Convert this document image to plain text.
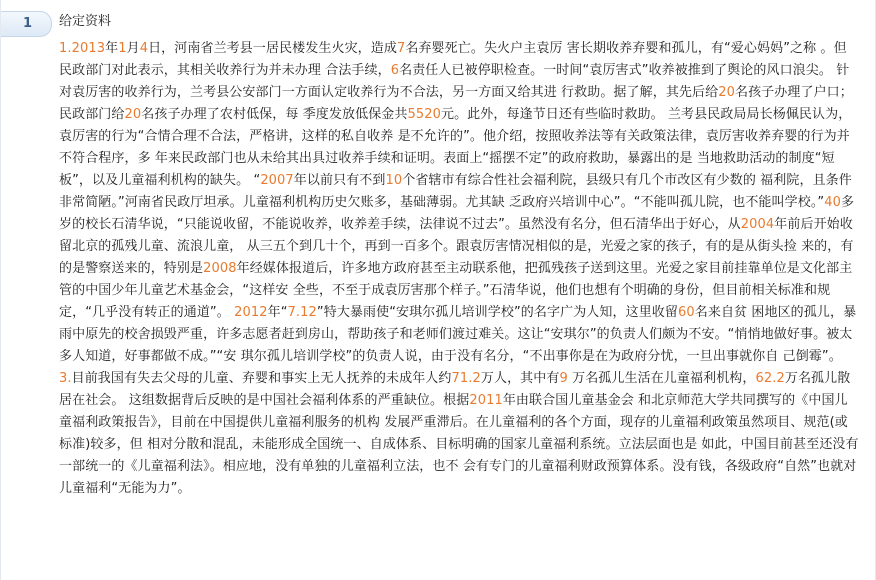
1 给定资料

1.2013年1月4日，河南省兰考县一居民楼发生火灾，造成7名弃婴死亡。失火户主袁厉 害长期收养弃婴和孤儿，有“爱心妈妈”之称 。但民政部门对此表示，其相关收养行为并未办理 合法手续，6名责任人已被停职检查。一时间“袁厉害式”收养被推到了舆论的风口浪尖。 针对袁厉害的收养行为，兰考县公安部门一方面认定收养行为不合法，另一方面又给其进 行救助。据了解，其先后给20名孩子办理了户口；民政部门给20名孩子办理了农村低保，每 季度发放低保金共5520元。此外，每逢节日还有些临时救助。 兰考县民政局局长杨佩民认为，袁厉害的行为“合情合理不合法，严格讲，这样的私自收养 是不允许的”。他介绍，按照收养法等有关政策法律，袁厉害收养弃婴的行为并不符合程序，多 年来民政部门也从未给其出具过收养手续和证明。表面上“摇摆不定”的政府救助，暴露出的是 当地救助活动的制度“短板”，以及儿童福利机构的缺失。 “2007年以前只有不到10个省辖市有综合性社会福利院，县级只有几个市改区有少数的 福利院，且条件非常简陋。”河南省民政厅坦承。儿童福利机构历史欠账多，基础薄弱。尤其缺 乏政府兴培训中心”。“不能叫孤儿院，也不能叫学校。”40多 岁的校长石清华说，“只能说收留，不能说收养，收养差手续，法律说不过去”。虽然没有名分，但石清华出于好心，从2004年前后开始收留北京的孤残儿童、流浪儿童， 从三五个到几十个，再到一百多个。跟袁厉害情况相似的是，光爱之家的孩子，有的是从街头捡 来的，有的是警察送来的，特别是2008年经媒体报道后，许多地方政府甚至主动联系他，把孤残孩子送到这里。光爱之家目前挂靠单位是文化部主管的中国少年儿童艺术基金会，“这样安 全些，不至于成袁厉害那个样子。”石清华说，他们也想有个明确的身份，但目前相关标准和规定，“几乎没有转正的通道”。 2012年“7.12”特大暴雨使“安琪尔孤儿培训学校”的名字广为人知，这里收留60名来自贫 困地区的孤儿，暴雨中原先的校舍损毁严重，许多志愿者赶到房山，帮助孩子和老师们渡过难关。这让“安琪尔”的负责人们颇为不安。“悄悄地做好事。被太多人知道，好事都做不成。”“安 琪尔孤儿培训学校”的负责人说，由于没有名分，“不出事你是在为政府分忧，一旦出事就你自 己倒霉”。

3.目前我国有失去父母的儿童、弃婴和事实上无人抚养的未成年人约71.2万人，其中有9 万名孤儿生活在儿童福利机构，62.2万名孤儿散居在社会。 这组数据背后反映的是中国社会福利体系的严重缺位。根据2011年由联合国儿童基金会 和北京师范大学共同撰写的《中国儿童福利政策报告》，目前在中国提供儿童福利服务的机构 发展严重滞后。在儿童福利的各个方面，现存的儿童福利政策虽然项目、规范(或标准)较多，但 相对分散和混乱，未能形成全国统一、自成体系、目标明确的国家儿童福利系统。立法层面也是 如此，中国目前甚至还没有一部统一的《儿童福利法》。相应地，没有单独的儿童福利立法，也不 会有专门的儿童福利财政预算体系。没有钱，各级政府“自然”也就对儿童福利“无能为力”。
